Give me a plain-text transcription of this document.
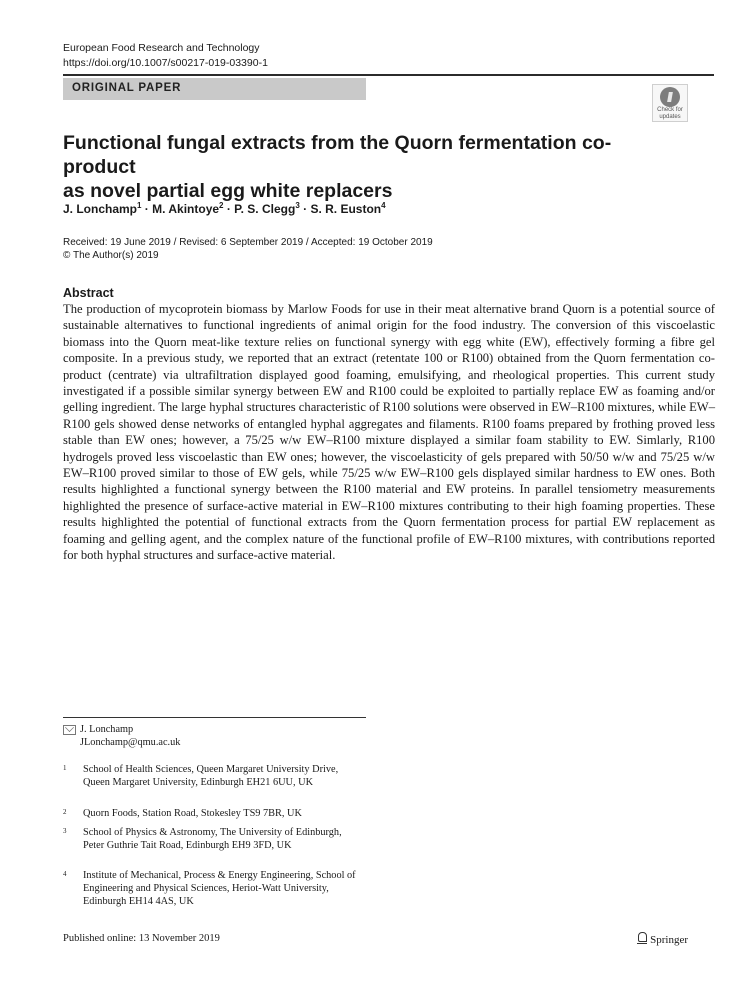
European Food Research and Technology
https://doi.org/10.1007/s00217-019-03390-1
ORIGINAL PAPER
Check for
updates
Functional fungal extracts from the Quorn fermentation co-product
as novel partial egg white replacers
J. Lonchamp$^1$ · M. Akintoye$^2$ · P. S. Clegg$^3$ · S. R. Euston$^4$
Received: 19 June 2019 / Revised: 6 September 2019 / Accepted: 19 October 2019
© The Author(s) 2019
Abstract
The production of mycoprotein biomass by Marlow Foods for use in their meat alternative brand Quorn is a potential source of sustainable alternatives to functional ingredients of animal origin for the food industry. The conversion of this viscoelastic biomass into the Quorn meat-like texture relies on functional synergy with egg white (EW), effectively forming a fibre gel composite. In a previous study, we reported that an extract (retentate 100 or R100) obtained from the Quorn fermentation co-product (centrate) via ultrafiltration displayed good foaming, emulsifying, and rheological properties. This current study investigated if a possible similar synergy between EW and R100 could be exploited to partially replace EW as foaming and/or gelling ingredient. The large hyphal structures characteristic of R100 solutions were observed in EW–R100 mixtures, while EW–R100 gels showed dense networks of entangled hyphal aggregates and filaments. R100 foams prepared by frothing proved less stable than EW ones; however, a 75/25 w/w EW–R100 mixture displayed a similar foam stability to EW. Simlarly, R100 hydrogels proved less viscoelastic than EW ones; however, the viscoelasticity of gels prepared with 50/50 w/w and 75/25 w/w EW–R100 proved similar to those of EW gels, while 75/25 w/w EW–R100 gels displayed similar hardness to EW ones. Both results highlighted a functional synergy between the R100 material and EW proteins. In parallel tensiometry measurements highlighted the presence of surface-active material in EW–R100 mixtures contributing to their high foaming properties. These results highlighted the potential of functional extracts from the Quorn fermentation process for partial EW replacement as foaming and gelling agent, and the complex nature of the functional profile of EW–R100 mixtures, with contributions reported for both hyphal structures and surface-active material.
J. Lonchamp
JLonchamp@qmu.ac.uk
1 School of Health Sciences, Queen Margaret University Drive, Queen Margaret University, Edinburgh EH21 6UU, UK
2 Quorn Foods, Station Road, Stokesley TS9 7BR, UK
3 School of Physics & Astronomy, The University of Edinburgh, Peter Guthrie Tait Road, Edinburgh EH9 3FD, UK
4 Institute of Mechanical, Process & Energy Engineering, School of Engineering and Physical Sciences, Heriot-Watt University, Edinburgh EH14 4AS, UK
Published online: 13 November 2019	Springer
